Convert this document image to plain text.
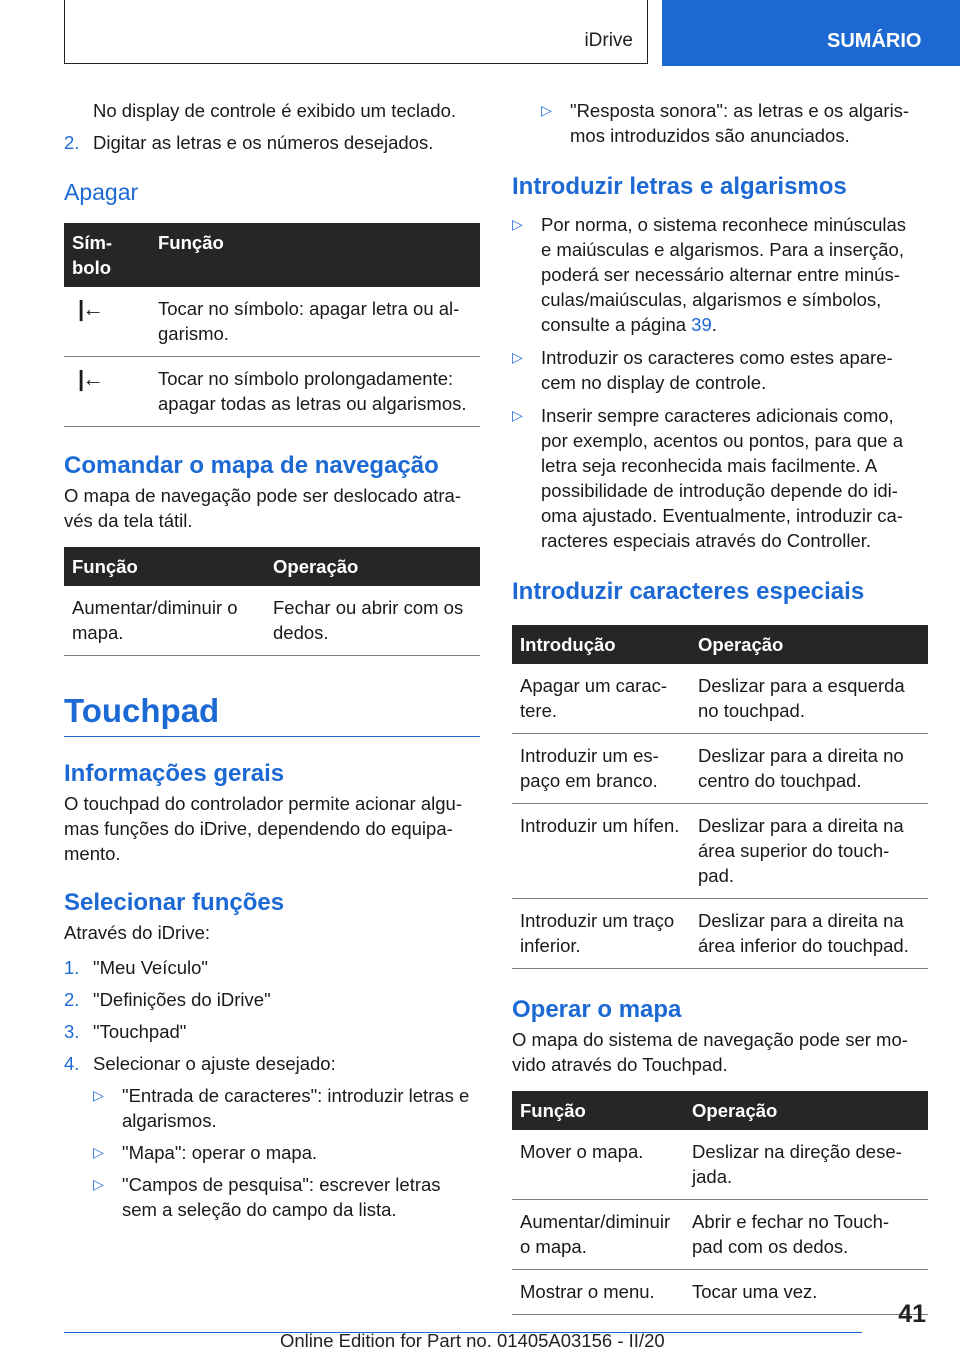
iDrive	SUMÁRIO

No display de controle é exibido um teclado.

2. Digitar as letras e os números desejados.
Apagar
Sím-
bolo	Função
|←	Tocar no símbolo: apagar letra ou al-
garismo.
|←	Tocar no símbolo prolongadamente:
apagar todas as letras ou algarismos.
Comandar o mapa de navegação

O mapa de navegação pode ser deslocado atra-
vés da tela tátil.

Função	Operação
Aumentar/diminuir o
mapa.	Fechar ou abrir com os
dedos.
Touchpad
Informações gerais

O touchpad do controlador permite acionar algu-
mas funções do iDrive, dependendo do equipa-
mento.

Selecionar funções

Através do iDrive:

1. "Meu Veículo"
2. "Definições do iDrive"
3. "Touchpad"
4. Selecionar o ajuste desejado:
▷ "Entrada de caracteres": introduzir letras e
algarismos.
▷ "Mapa": operar o mapa.
▷ "Campos de pesquisa": escrever letras
sem a seleção do campo da lista.
▷ "Resposta sonora": as letras e os algaris-
mos introduzidos são anunciados.
Introduzir letras e algarismos
▷ Por norma, o sistema reconhece minúsculas
e maiúsculas e algarismos. Para a inserção,
poderá ser necessário alternar entre minús-
culas/maiúsculas, algarismos e símbolos,
consulte a página 39.
▷ Introduzir os caracteres como estes apare-
cem no display de controle.
▷ Inserir sempre caracteres adicionais como,
por exemplo, acentos ou pontos, para que a
letra seja reconhecida mais facilmente. A
possibilidade de introdução depende do idi-
oma ajustado. Eventualmente, introduzir ca-
racteres especiais através do Controller.
Introduzir caracteres especiais
Introdução	Operação
Apagar um carac-
tere.	Deslizar para a esquerda
no touchpad.
Introduzir um es-
paço em branco.	Deslizar para a direita no
centro do touchpad.
Introduzir um hífen.	Deslizar para a direita na
área superior do touch-
pad.
Introduzir um traço
inferior.	Deslizar para a direita na
área inferior do touchpad.
Operar o mapa

O mapa do sistema de navegação pode ser mo-
vido através do Touchpad.

Função	Operação
Mover o mapa.	Deslizar na direção dese-
jada.
Aumentar/diminuir
o mapa.	Abrir e fechar no Touch-
pad com os dedos.
Mostrar o menu.	Tocar uma vez.
41
Online Edition for Part no. 01405A03156 - II/20
